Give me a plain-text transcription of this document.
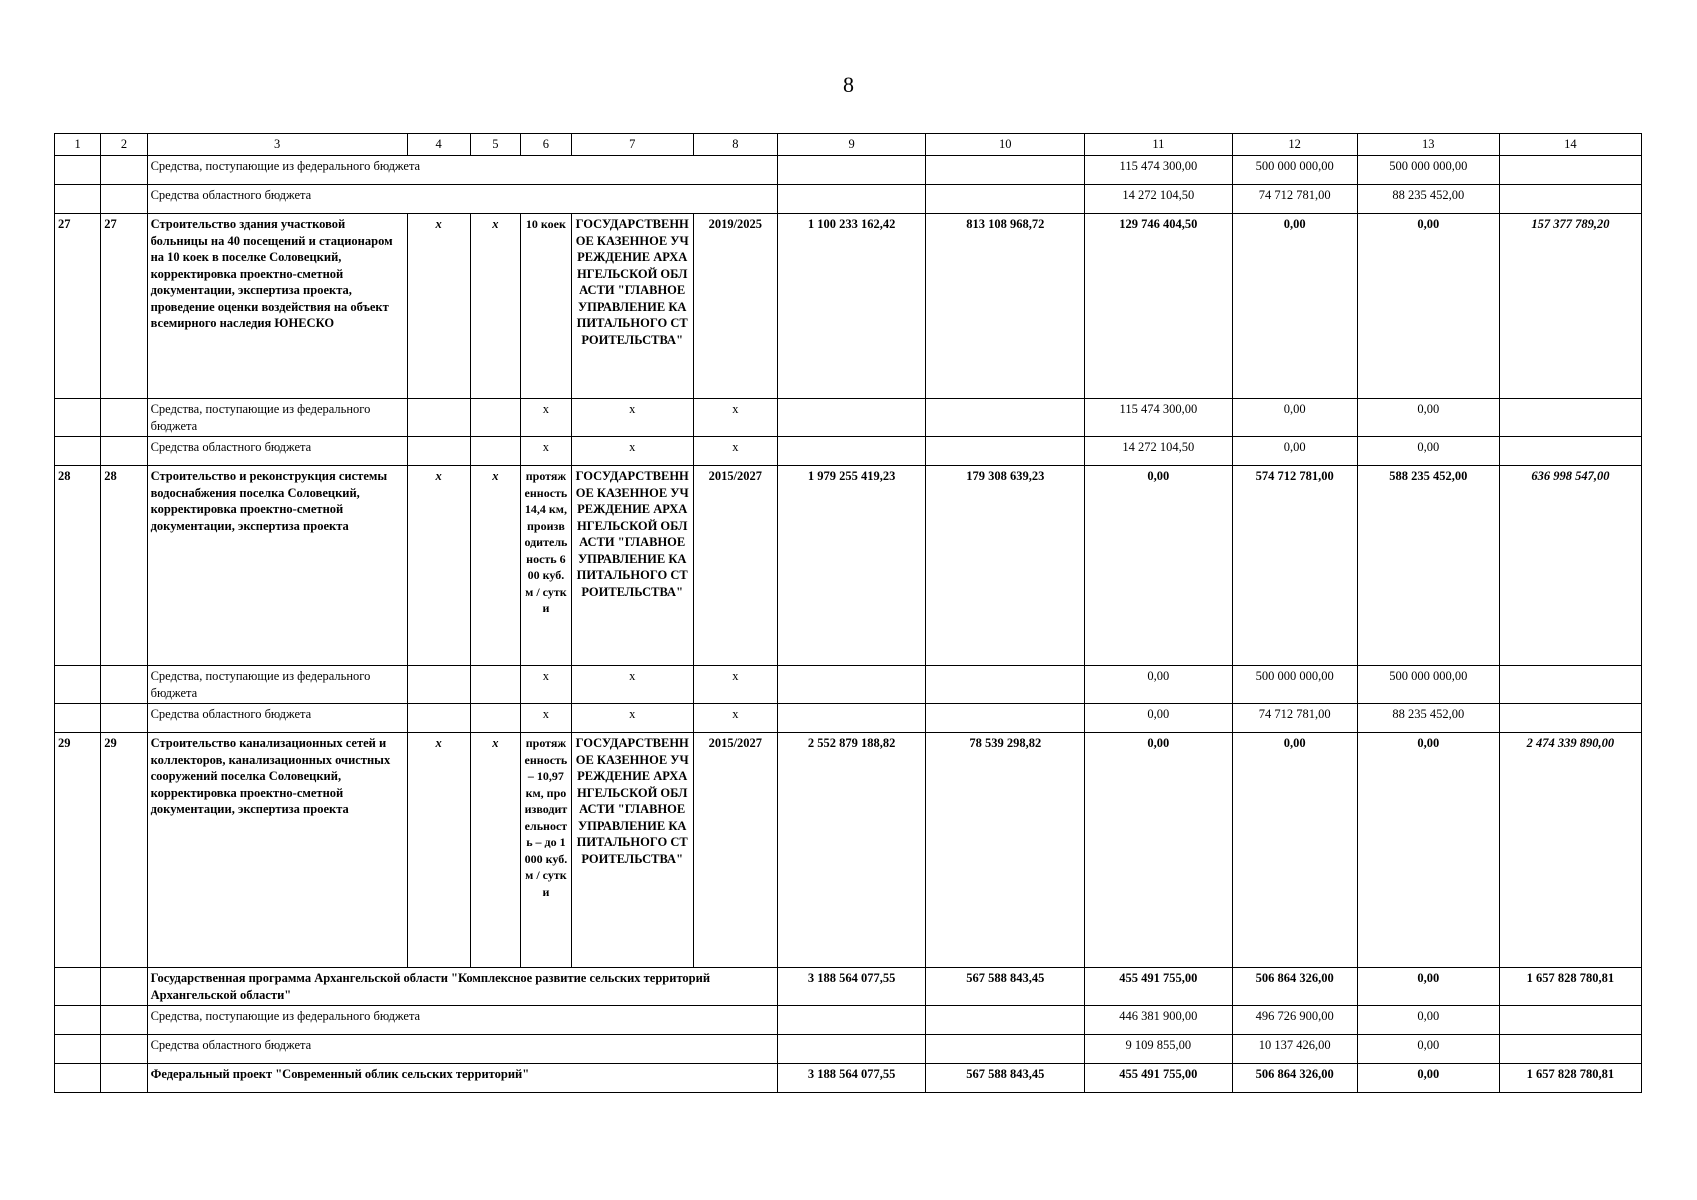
8
1	2	3	4	5	6	7	8	9	10	11	12	13	14
		Средства, поступающие из федерального бюджета								115 474 300,00	500 000 000,00	500 000 000,00	
		Средства областного бюджета								14 272 104,50	74 712 781,00	88 235 452,00	
27	27	Строительство здания участковой больницы на 40 посещений и стационаром на 10 коек в поселке Соловецкий, корректировка проектно-сметной документации, экспертиза проекта, проведение оценки воздействия на объект всемирного наследия ЮНЕСКО	х	х	10 коек	ГОСУДАРСТВЕННОЕ КАЗЕННОЕ УЧРЕЖДЕНИЕ АРХАНГЕЛЬСКОЙ ОБЛАСТИ "ГЛАВНОЕ УПРАВЛЕНИЕ КАПИТАЛЬНОГО СТРОИТЕЛЬСТВА"	2019/2025	1 100 233 162,42	813 108 968,72	129 746 404,50	0,00	0,00	157 377 789,20
		Средства, поступающие из федерального бюджета			х	х	х			115 474 300,00	0,00	0,00	
		Средства областного бюджета			х	х	х			14 272 104,50	0,00	0,00	
28	28	Строительство и реконструкция системы водоснабжения поселка Соловецкий, корректировка проектно-сметной документации, экспертиза проекта	х	х	протяженность 14,4 км, производительность 600 куб. м / сутки	ГОСУДАРСТВЕННОЕ КАЗЕННОЕ УЧРЕЖДЕНИЕ АРХАНГЕЛЬСКОЙ ОБЛАСТИ "ГЛАВНОЕ УПРАВЛЕНИЕ КАПИТАЛЬНОГО СТРОИТЕЛЬСТВА"	2015/2027	1 979 255 419,23	179 308 639,23	0,00	574 712 781,00	588 235 452,00	636 998 547,00
		Средства, поступающие из федерального бюджета			х	х	х			0,00	500 000 000,00	500 000 000,00	
		Средства областного бюджета			х	х	х			0,00	74 712 781,00	88 235 452,00	
29	29	Строительство канализационных сетей и коллекторов, канализационных очистных сооружений поселка Соловецкий, корректировка проектно-сметной документации, экспертиза проекта	х	х	протяженность – 10,97 км, производительность – до 1 000 куб. м / сутки	ГОСУДАРСТВЕННОЕ КАЗЕННОЕ УЧРЕЖДЕНИЕ АРХАНГЕЛЬСКОЙ ОБЛАСТИ "ГЛАВНОЕ УПРАВЛЕНИЕ КАПИТАЛЬНОГО СТРОИТЕЛЬСТВА"	2015/2027	2 552 879 188,82	78 539 298,82	0,00	0,00	0,00	2 474 339 890,00
		Государственная программа Архангельской области "Комплексное развитие сельских территорий Архангельской области"						3 188 564 077,55	567 588 843,45	455 491 755,00	506 864 326,00	0,00	1 657 828 780,81
		Средства, поступающие из федерального бюджета								446 381 900,00	496 726 900,00	0,00	
		Средства областного бюджета								9 109 855,00	10 137 426,00	0,00	
		Федеральный проект "Современный облик сельских территорий"						3 188 564 077,55	567 588 843,45	455 491 755,00	506 864 326,00	0,00	1 657 828 780,81
